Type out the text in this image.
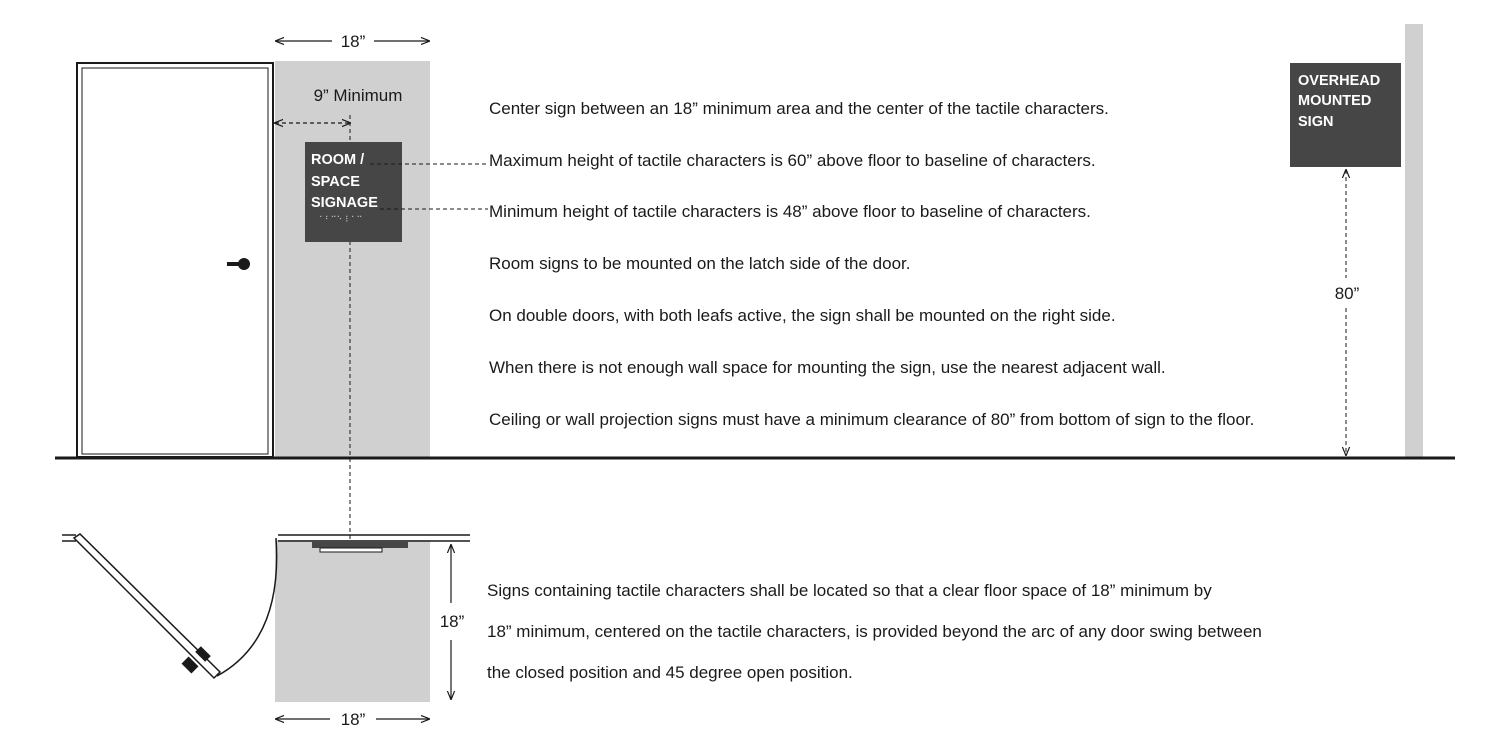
18”
9” Minimum
ROOM /
SPACE
SIGNAGE
⠀⠁⠃⠉⠑ ⠇⠁⠉
Center sign between an 18” minimum area and the center of the tactile characters.
Maximum height of tactile characters is 60” above floor to baseline of characters.
Minimum height of tactile characters is 48” above floor to baseline of characters.
Room signs to be mounted on the latch side of the door.
On double doors, with both leafs active, the sign shall be mounted on the right side.
When there is not enough wall space for mounting the sign, use the nearest adjacent wall.
Ceiling or wall projection signs must have a minimum clearance of 80” from bottom of sign to the floor.
OVERHEAD
MOUNTED
SIGN
80”
18”
18”
Signs containing tactile characters shall be located so that a clear floor space of 18” minimum by
18” minimum, centered on the tactile characters, is provided beyond the arc of any door swing between
the closed position and 45 degree open position.
